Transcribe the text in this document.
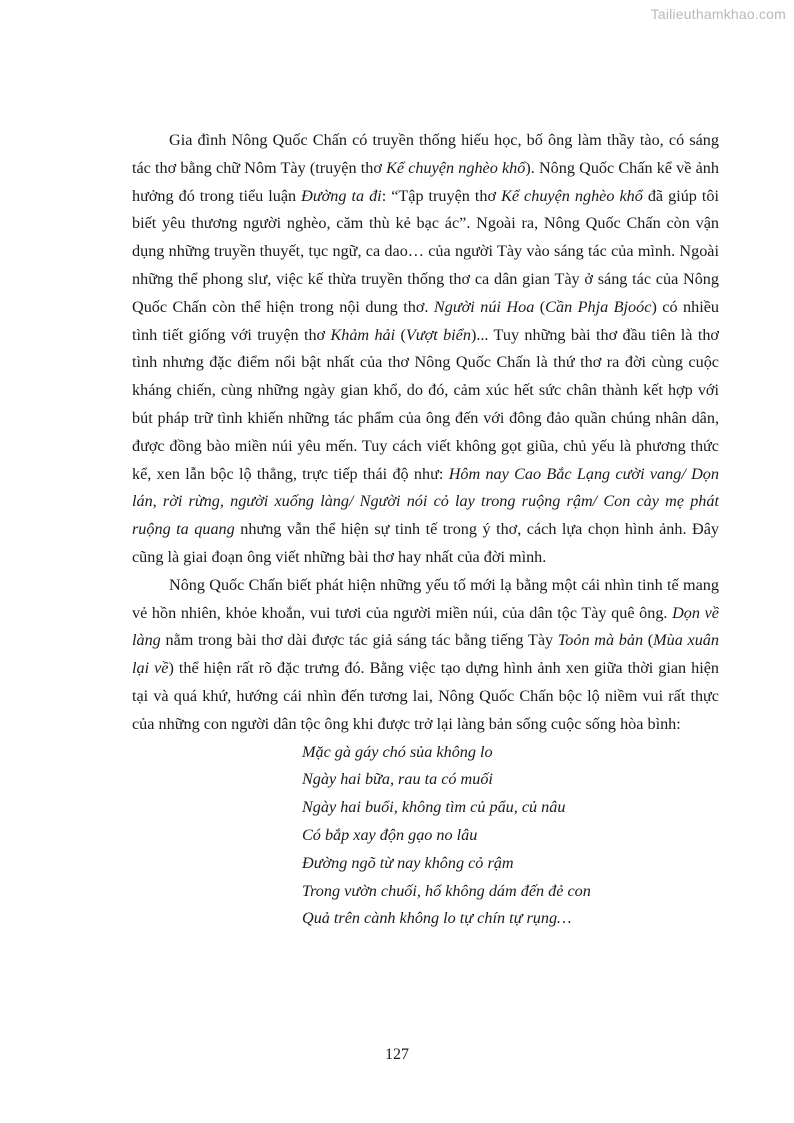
Tailieuthamkhao.com

Gia đình Nông Quốc Chấn có truyền thống hiếu học, bố ông làm thầy tào, có sáng tác thơ bằng chữ Nôm Tày (truyện thơ Kể chuyện nghèo khổ). Nông Quốc Chấn kể về ảnh hưởng đó trong tiểu luận Đường ta đi: “Tập truyện thơ Kể chuyện nghèo khổ đã giúp tôi biết yêu thương người nghèo, căm thù kẻ bạc ác”. Ngoài ra, Nông Quốc Chấn còn vận dụng những truyền thuyết, tục ngữ, ca dao… của người Tày vào sáng tác của mình. Ngoài những thể phong slư, việc kế thừa truyền thống thơ ca dân gian Tày ở sáng tác của Nông Quốc Chấn còn thể hiện trong nội dung thơ. Người núi Hoa (Cần Phja Bjoóc) có nhiều tình tiết giống với truyện thơ Khảm hải (Vượt biển)... Tuy những bài thơ đầu tiên là thơ tình nhưng đặc điểm nổi bật nhất của thơ Nông Quốc Chấn là thứ thơ ra đời cùng cuộc kháng chiến, cùng những ngày gian khổ, do đó, cảm xúc hết sức chân thành kết hợp với bút pháp trữ tình khiến những tác phẩm của ông đến với đông đảo quần chúng nhân dân, được đồng bào miền núi yêu mến. Tuy cách viết không gọt giũa, chủ yếu là phương thức kể, xen lẫn bộc lộ thẳng, trực tiếp thái độ như: Hôm nay Cao Bắc Lạng cười vang/ Dọn lán, rời rừng, người xuống làng/ Người nói cỏ lay trong ruộng rậm/ Con cày mẹ phát ruộng ta quang nhưng vẫn thể hiện sự tinh tế trong ý thơ, cách lựa chọn hình ảnh. Đây cũng là giai đoạn ông viết những bài thơ hay nhất của đời mình.

Nông Quốc Chấn biết phát hiện những yếu tố mới lạ bằng một cái nhìn tinh tế mang vẻ hồn nhiên, khỏe khoắn, vui tươi của người miền núi, của dân tộc Tày quê ông. Dọn về làng nằm trong bài thơ dài được tác giả sáng tác bằng tiếng Tày Toỏn mà bản (Mùa xuân lại về) thể hiện rất rõ đặc trưng đó. Bằng việc tạo dựng hình ảnh xen giữa thời gian hiện tại và quá khứ, hướng cái nhìn đến tương lai, Nông Quốc Chấn bộc lộ niềm vui rất thực của những con người dân tộc ông khi được trở lại làng bản sống cuộc sống hòa bình:

Mặc gà gáy chó sủa không lo
Ngày hai bữa, rau ta có muối
Ngày hai buổi, không tìm củ pẩu, củ nâu
Có bắp xay độn gạo no lâu
Đường ngõ từ nay không cỏ rậm
Trong vườn chuối, hổ không dám đến đẻ con
Quả trên cành không lo tự chín tự rụng…
127
